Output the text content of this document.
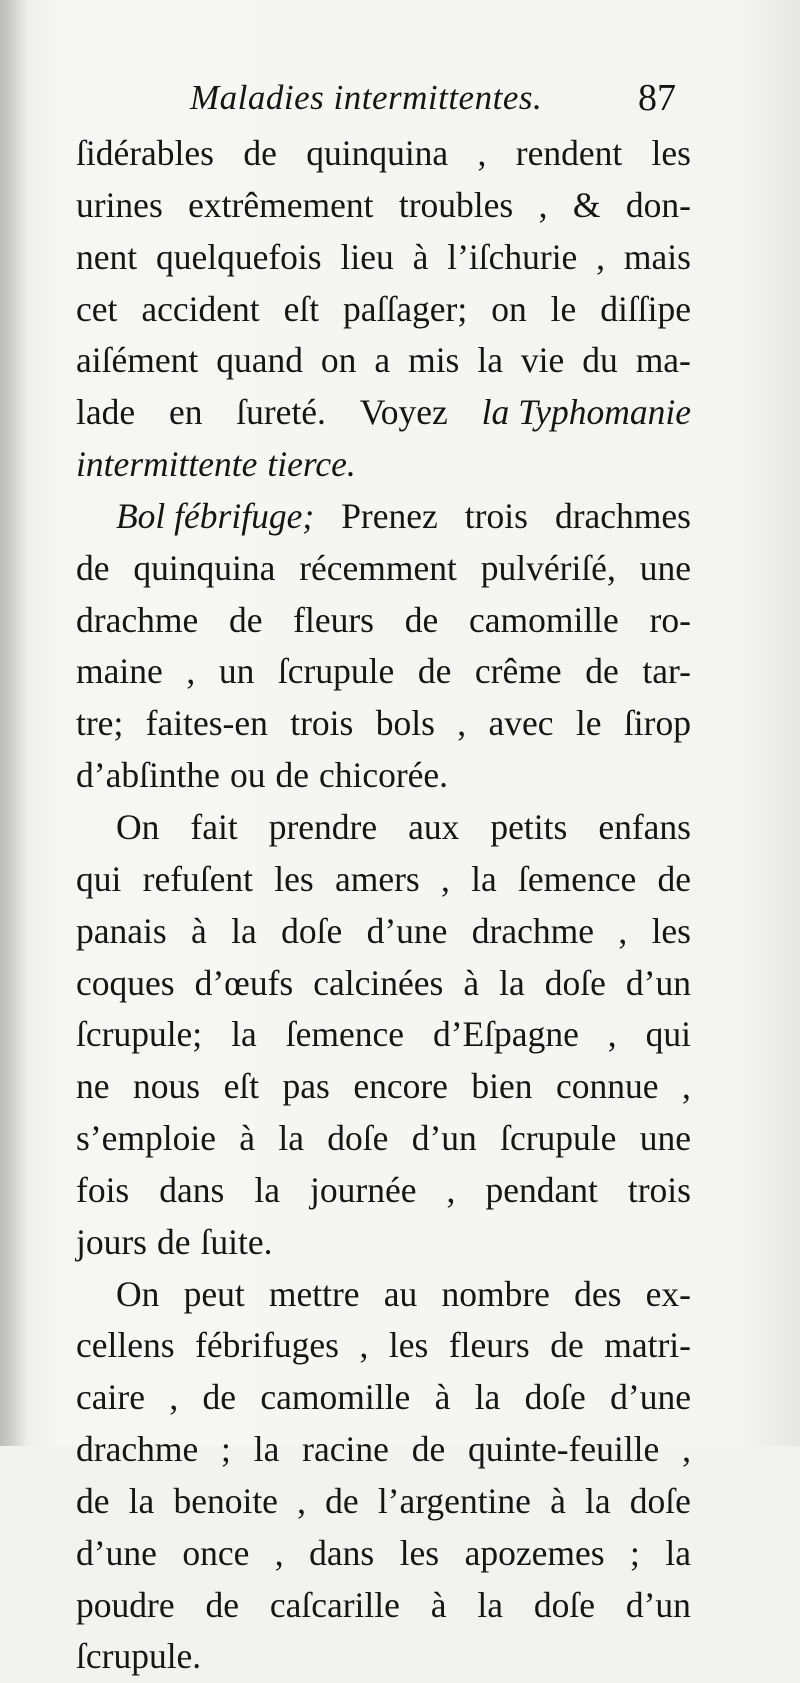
Maladies intermittentes.	87
ſidérables de quinquina , rendent les
urines extrêmement troubles , & don-
nent quelquefois lieu à l’iſchurie , mais
cet accident eſt paſſager; on le diſſipe
aiſément quand on a mis la vie du ma-
lade en ſureté. Voyez la Typhomanie
intermittente tierce.
Bol fébrifuge; Prenez trois drachmes
de quinquina récemment pulvériſé, une
drachme de fleurs de camomille ro-
maine , un ſcrupule de crême de tar-
tre; faites-en trois bols , avec le ſirop
d’abſinthe ou de chicorée.
On fait prendre aux petits enfans
qui refuſent les amers , la ſemence de
panais à la doſe d’une drachme , les
coques d’œufs calcinées à la doſe d’un
ſcrupule; la ſemence d’Eſpagne , qui
ne nous eſt pas encore bien connue ,
s’emploie à la doſe d’un ſcrupule une
fois dans la journée , pendant trois
jours de ſuite.
On peut mettre au nombre des ex-
cellens fébrifuges , les fleurs de matri-
caire , de camomille à la doſe d’une
drachme ; la racine de quinte-feuille ,
de la benoite , de l’argentine à la doſe
d’une once , dans les apozemes ; la
poudre de caſcarille à la doſe d’un
ſcrupule.
